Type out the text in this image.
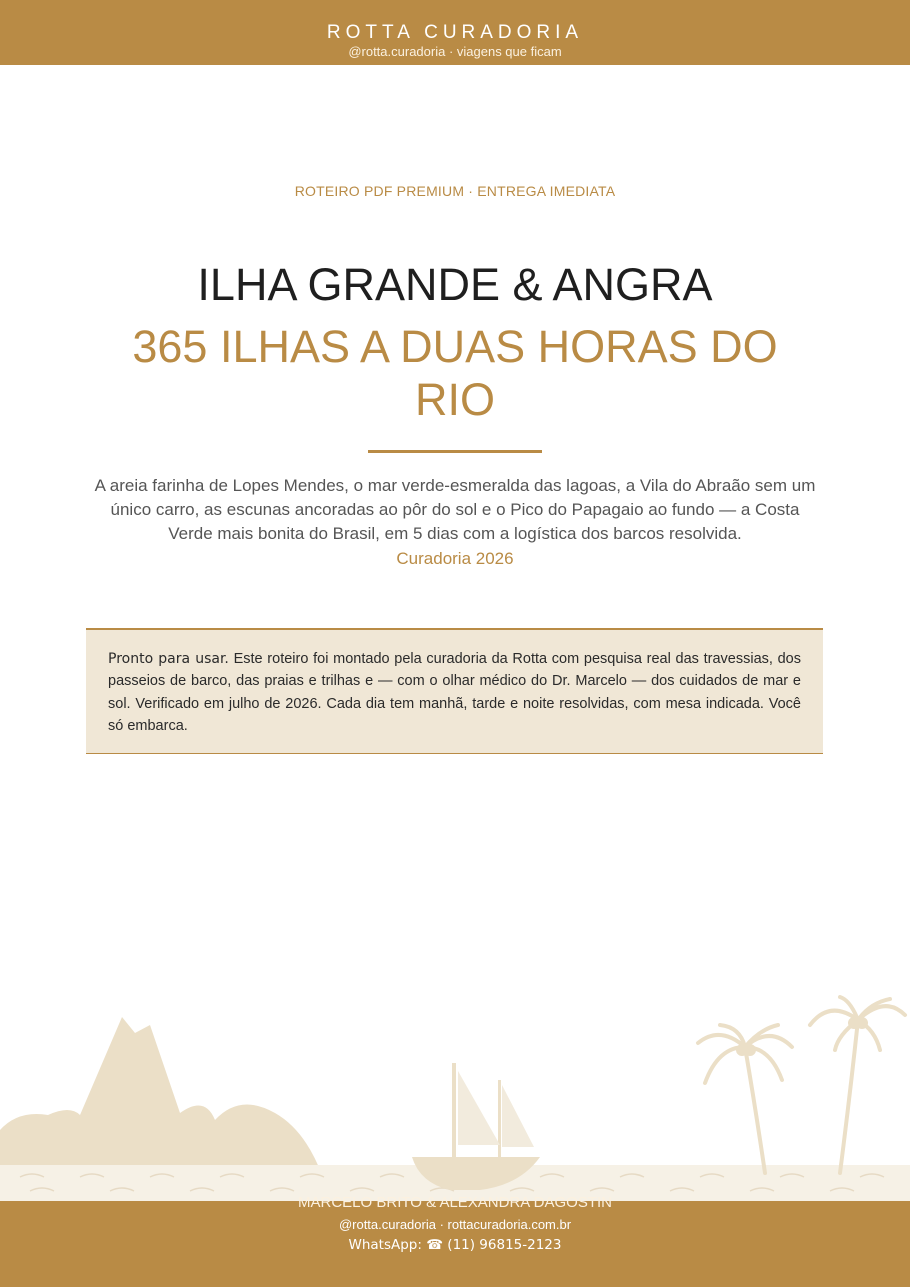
ROTTA CURADORIA
@rotta.curadoria · viagens que ficam
ROTEIRO PDF PREMIUM · ENTREGA IMEDIATA
ILHA GRANDE & ANGRA
365 ILHAS A DUAS HORAS DO RIO
A areia farinha de Lopes Mendes, o mar verde-esmeralda das lagoas, a Vila do Abraão sem um único carro, as escunas ancoradas ao pôr do sol e o Pico do Papagaio ao fundo — a Costa Verde mais bonita do Brasil, em 5 dias com a logística dos barcos resolvida.
Curadoria 2026
Pronto para usar. Este roteiro foi montado pela curadoria da Rotta com pesquisa real das travessias, dos passeios de barco, das praias e trilhas e — com o olhar médico do Dr. Marcelo — dos cuidados de mar e sol. Verificado em julho de 2026. Cada dia tem manhã, tarde e noite resolvidas, com mesa indicada. Você só embarca.
MARCELO BRITO & ALEXANDRA DAGOSTIN
@rotta.curadoria · rottacuradoria.com.br
WhatsApp: ☎ (11) 96815-2123
